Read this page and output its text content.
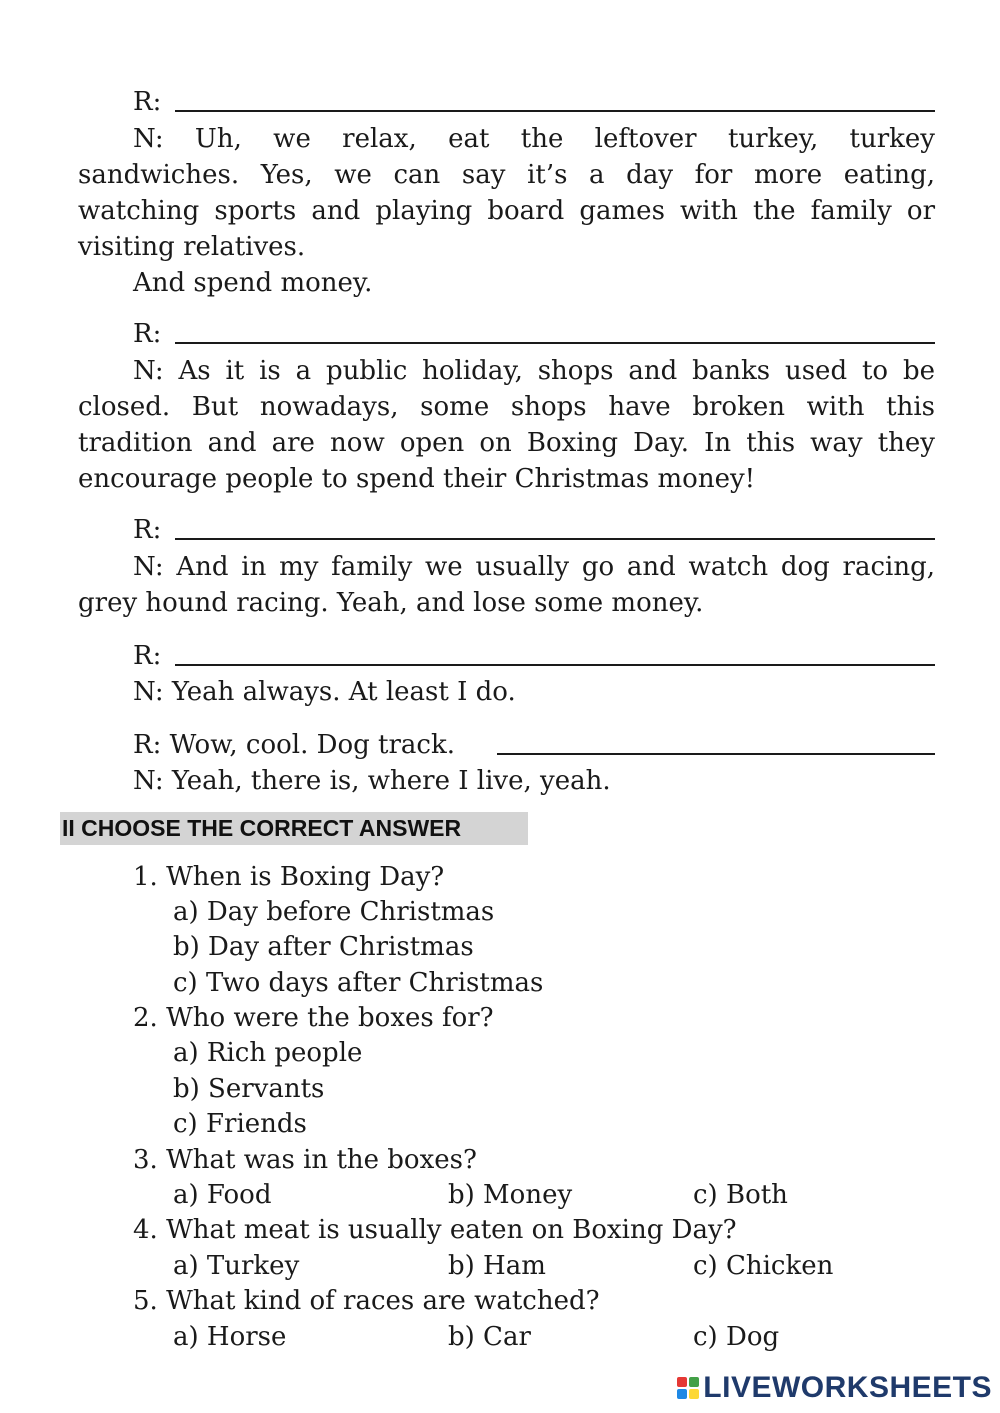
R:
N: Uh, we relax, eat the leftover turkey, turkey
sandwiches. Yes, we can say it’s a day for more eating,
watching sports and playing board games with the family or
visiting relatives.
And spend money.
R:
N: As it is a public holiday, shops and banks used to be
closed. But nowadays, some shops have broken with this
tradition and are now open on Boxing Day. In this way they
encourage people to spend their Christmas money!
R:
N: And in my family we usually go and watch dog racing,
grey hound racing. Yeah, and lose some money.
R:
N: Yeah always. At least I do.
R: Wow, cool. Dog track.
N: Yeah, there is, where I live, yeah.
II CHOOSE THE CORRECT ANSWER
1. When is Boxing Day?
a) Day before Christmas
b) Day after Christmas
c) Two days after Christmas
2. Who were the boxes for?
a) Rich people
b) Servants
c) Friends
3. What was in the boxes?
a) Food	b) Money	c) Both
4. What meat is usually eaten on Boxing Day?
a) Turkey	b) Ham	c) Chicken
5. What kind of races are watched?
a) Horse	b) Car	c) Dog
LIVEWORKSHEETS
